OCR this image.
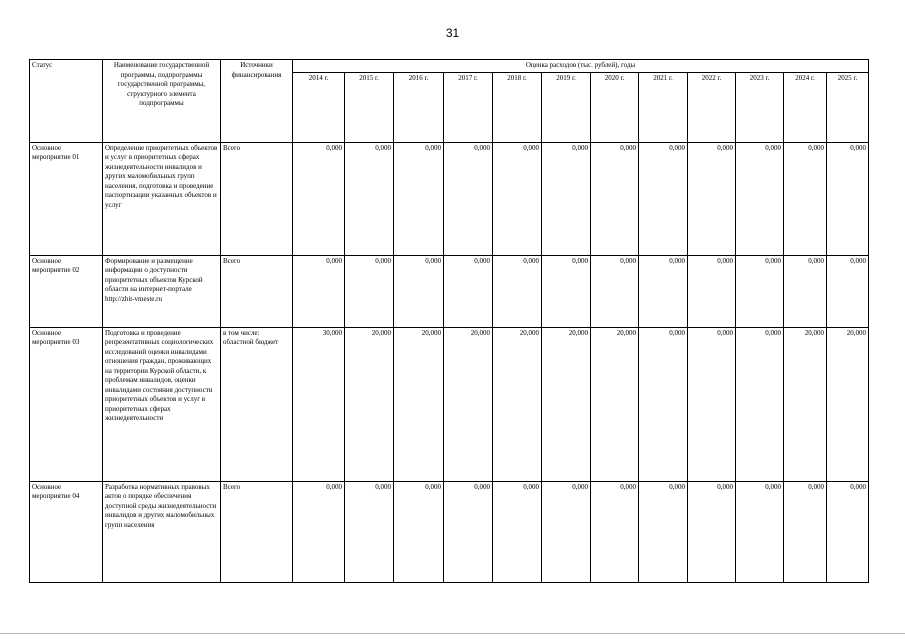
31
Статус	Наименование государственной программы, подпрограммы государственной программы, структурного элемента подпрограммы	Источники финансирования	Оценка расходов (тыс. рублей), годы											
			2014 г.	2015 г.	2016 г.	2017 г.	2018 г.	2019 г.	2020 г.	2021 г.	2022 г.	2023 г.	2024 г.	2025 г.
Основное мероприятие 01	Определение приоритетных объектов и услуг в приоритетных сферах жизнедеятельности инвалидов и других маломобильных групп населения, подготовка и проведение паспортизации указанных объектов и услуг	Всего	0,000	0,000	0,000	0,000	0,000	0,000	0,000	0,000	0,000	0,000	0,000	0,000
Основное мероприятие 02	Формирование и размещение информации о доступности приоритетных объектов Курской области на интернет-портале http://zhit-vmeste.ru	Всего	0,000	0,000	0,000	0,000	0,000	0,000	0,000	0,000	0,000	0,000	0,000	0,000
Основное мероприятие 03	Подготовка и проведение репрезентативных социологических исследований оценки инвалидами отношения граждан, проживающих на территории Курской области, к проблемам инвалидов, оценки инвалидами состояния доступности приоритетных объектов и услуг в приоритетных сферах жизнедеятельности	в том числе: областной бюджет	30,000	20,000	20,000	20,000	20,000	20,000	20,000	0,000	0,000	0,000	20,000	20,000
Основное мероприятие 04	Разработка нормативных правовых актов о порядке обеспечения доступной среды жизнедеятельности инвалидов и других маломобильных групп населения	Всего	0,000	0,000	0,000	0,000	0,000	0,000	0,000	0,000	0,000	0,000	0,000	0,000
